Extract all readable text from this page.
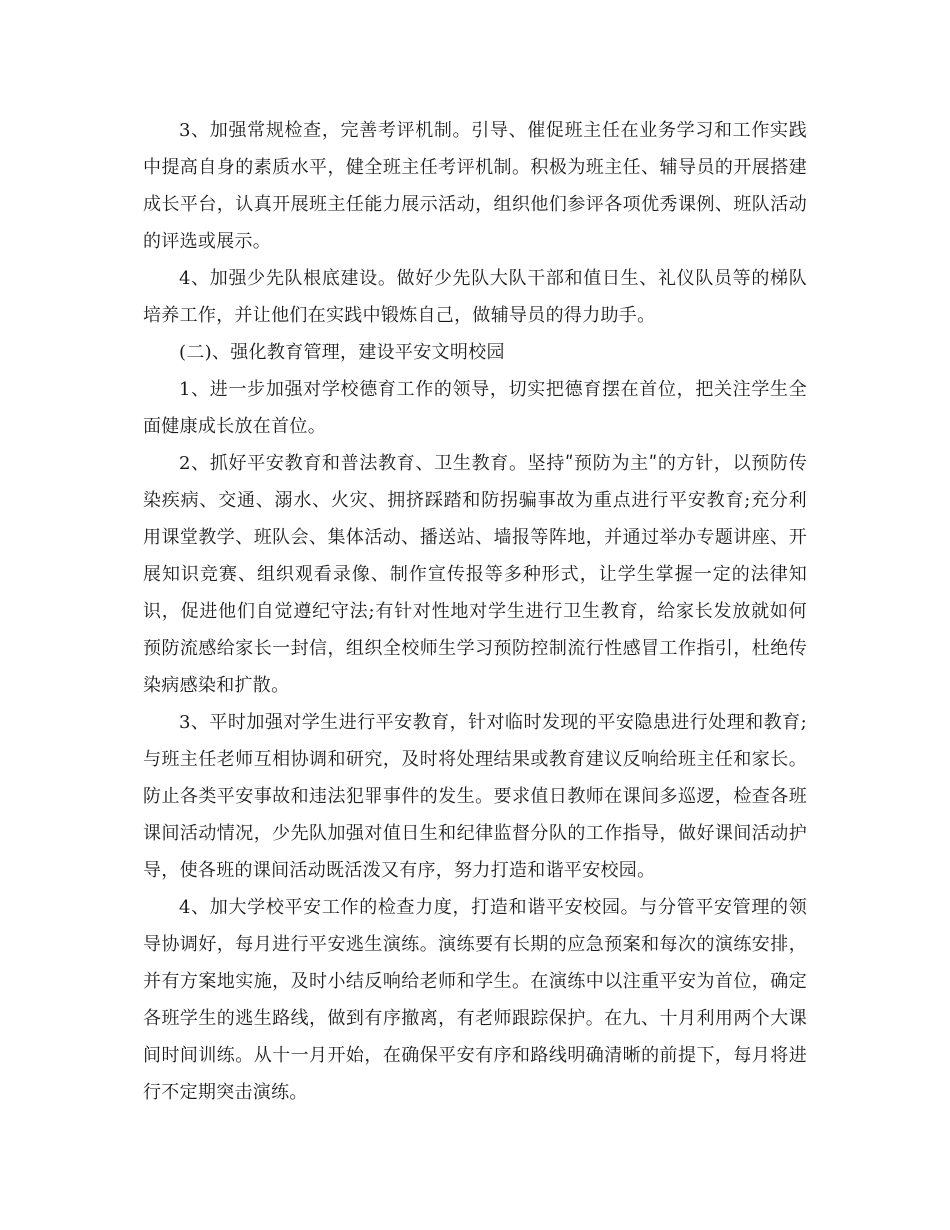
3、加强常规检查，完善考评机制。引导、催促班主任在业务学习和工作实践中提高自身的素质水平，健全班主任考评机制。积极为班主任、辅导员的开展搭建成长平台，认真开展班主任能力展示活动，组织他们参评各项优秀课例、班队活动的评选或展示。

4、加强少先队根底建设。做好少先队大队干部和值日生、礼仪队员等的梯队培养工作，并让他们在实践中锻炼自己，做辅导员的得力助手。

(二)、强化教育管理，建设平安文明校园

1、进一步加强对学校德育工作的领导，切实把德育摆在首位，把关注学生全面健康成长放在首位。

2、抓好平安教育和普法教育、卫生教育。坚持ʺ预防为主ʺ的方针，以预防传染疾病、交通、溺水、火灾、拥挤踩踏和防拐骗事故为重点进行平安教育;充分利用课堂教学、班队会、集体活动、播送站、墙报等阵地，并通过举办专题讲座、开展知识竞赛、组织观看录像、制作宣传报等多种形式，让学生掌握一定的法律知识，促进他们自觉遵纪守法;有针对性地对学生进行卫生教育，给家长发放就如何预防流感给家长一封信，组织全校师生学习预防控制流行性感冒工作指引，杜绝传染病感染和扩散。

3、平时加强对学生进行平安教育，针对临时发现的平安隐患进行处理和教育;与班主任老师互相协调和研究，及时将处理结果或教育建议反响给班主任和家长。防止各类平安事故和违法犯罪事件的发生。要求值日教师在课间多巡逻，检查各班课间活动情况，少先队加强对值日生和纪律监督分队的工作指导，做好课间活动护导，使各班的课间活动既活泼又有序，努力打造和谐平安校园。

4、加大学校平安工作的检查力度，打造和谐平安校园。与分管平安管理的领导协调好，每月进行平安逃生演练。演练要有长期的应急预案和每次的演练安排，并有方案地实施，及时小结反响给老师和学生。在演练中以注重平安为首位，确定各班学生的逃生路线，做到有序撤离，有老师跟踪保护。在九、十月利用两个大课间时间训练。从十一月开始，在确保平安有序和路线明确清晰的前提下，每月将进行不定期突击演练。
